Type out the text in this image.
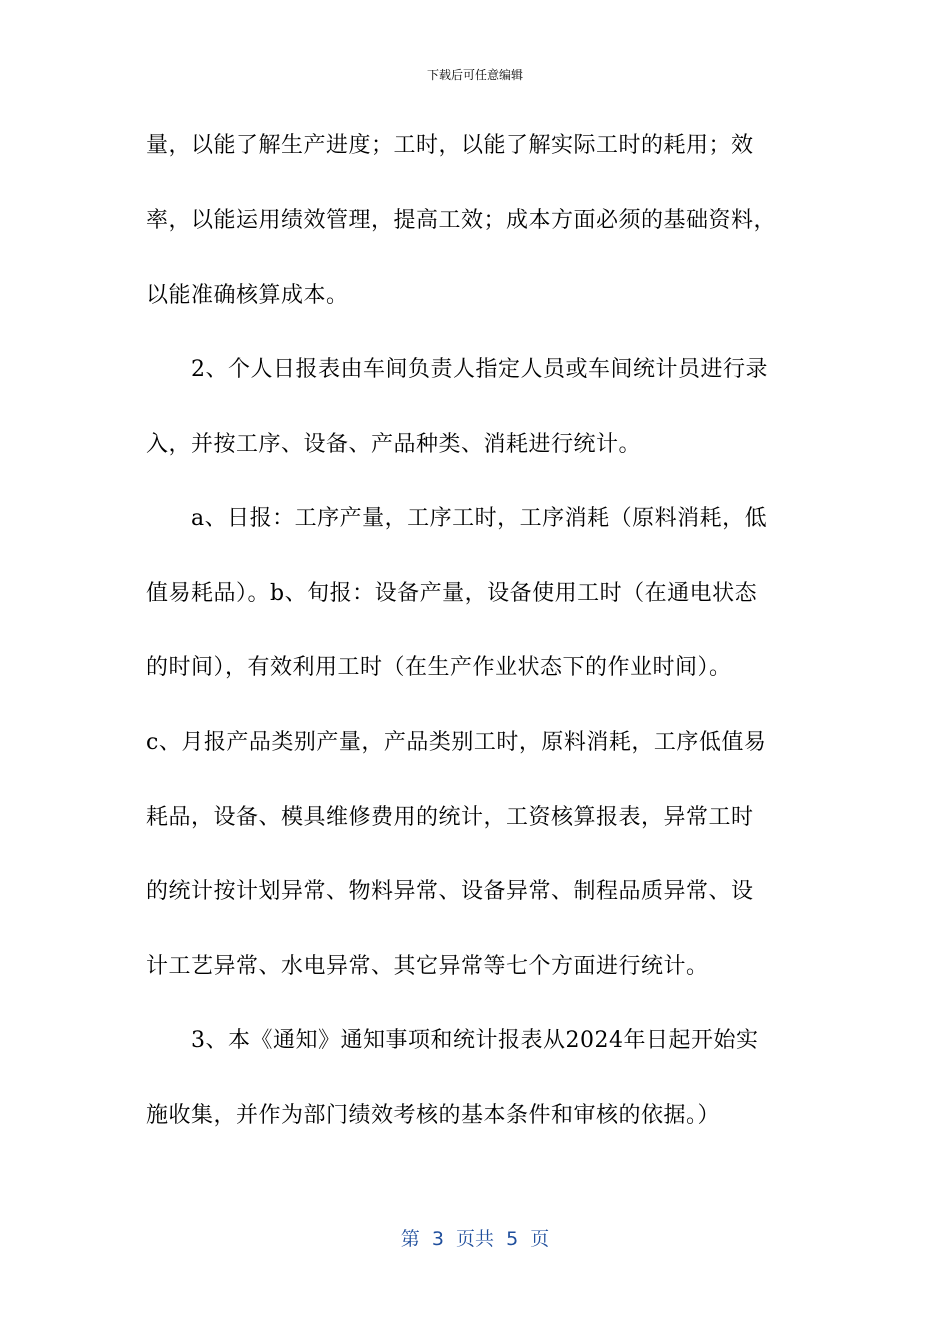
下载后可任意编辑
量，以能了解生产进度；工时，以能了解实际工时的耗用；效
率，以能运用绩效管理，提高工效；成本方面必须的基础资料，
以能准确核算成本。
2、个人日报表由车间负责人指定人员或车间统计员进行录
入，并按工序、设备、产品种类、消耗进行统计。
a、日报：工序产量，工序工时，工序消耗（原料消耗，低
值易耗品）。b、旬报：设备产量，设备使用工时（在通电状态
的时间），有效利用工时（在生产作业状态下的作业时间）。
c、月报产品类别产量，产品类别工时，原料消耗，工序低值易
耗品，设备、模具维修费用的统计，工资核算报表，异常工时
的统计按计划异常、物料异常、设备异常、制程品质异常、设
计工艺异常、水电异常、其它异常等七个方面进行统计。
3、本《通知》通知事项和统计报表从2024年日起开始实
施收集，并作为部门绩效考核的基本条件和审核的依据。）
第  3  页共  5  页
